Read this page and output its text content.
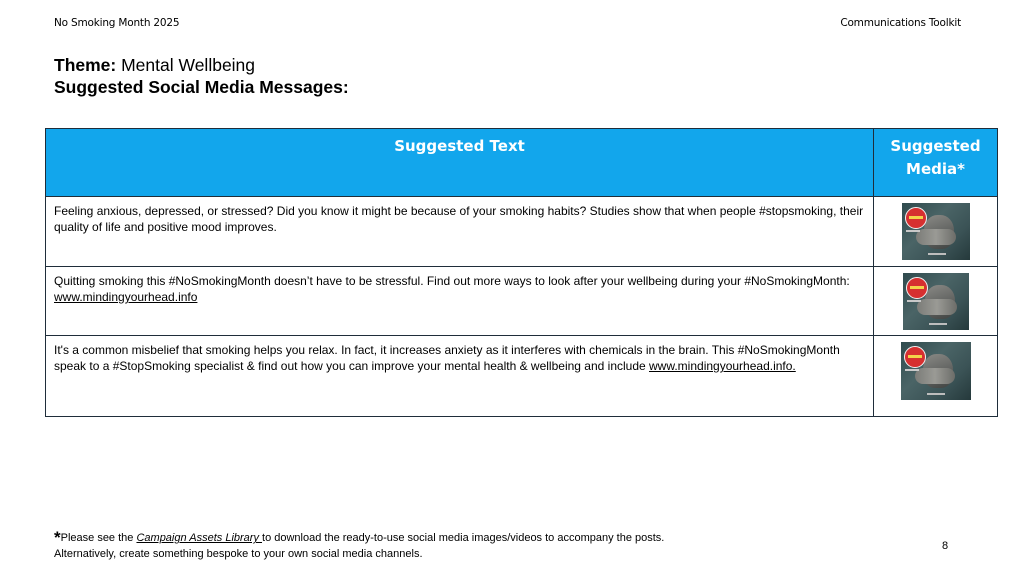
No Smoking Month 2025	Communications Toolkit
Theme: Mental Wellbeing
Suggested Social Media Messages:
Suggested Text	Suggested
Media*
Feeling anxious, depressed, or stressed? Did you know it might be because of your smoking habits? Studies show that when people #stopsmoking, their quality of life and positive mood improves.	

Quitting smoking this #NoSmokingMonth doesn’t have to be stressful. Find out more ways to look after your wellbeing during your #NoSmokingMonth: www.mindingyourhead.info	

It's a common misbelief that smoking helps you relax. In fact, it increases anxiety as it interferes with chemicals in the brain. This #NoSmokingMonth speak to a #StopSmoking specialist & find out how you can improve your mental health & wellbeing and include www.mindingyourhead.info.	
*Please see the Campaign Assets Library to download the ready-to-use social media images/videos to accompany the posts.
Alternatively, create something bespoke to your own social media channels.
8
